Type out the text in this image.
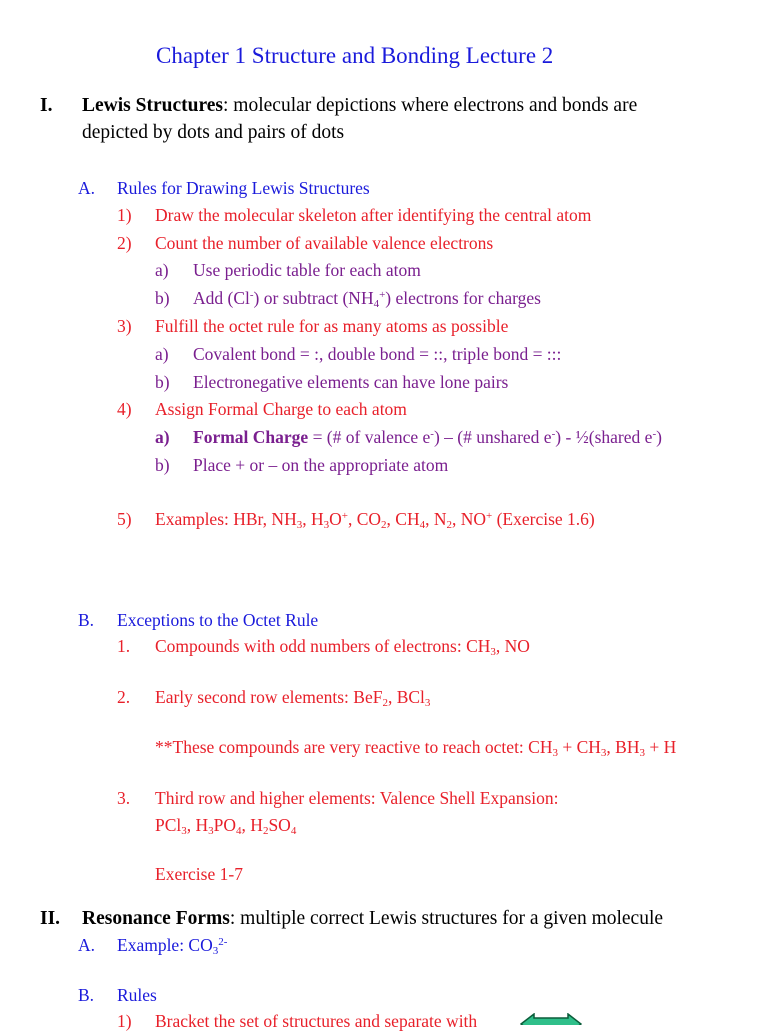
Chapter 1 Structure and Bonding Lecture 2
I. Lewis Structures: molecular depictions where electrons and bonds are
depicted by dots and pairs of dots
A. Rules for Drawing Lewis Structures
1) Draw the molecular skeleton after identifying the central atom
2) Count the number of available valence electrons
a) Use periodic table for each atom
b) Add (Cl-) or subtract $(NH_4^+)$ electrons for charges
3) Fulfill the octet rule for as many atoms as possible
a) Covalent bond = :, double bond = ::, triple bond = :::
b) Electronegative elements can have lone pairs
4) Assign Formal Charge to each atom
a) Formal Charge = (# of valence e-) – (# unshared e-) - ½(shared e-)
b) Place + or – on the appropriate atom
5) Examples: HBr, $NH_3$, $H_3O^+$, $CO_2$, $CH_4$, $N_2$, NO+ (Exercise 1.6)
B. Exceptions to the Octet Rule
1. Compounds with odd numbers of electrons: $CH_3$, NO
2. Early second row elements: BeF$_2$, BCl$_3$
**These compounds are very reactive to reach octet: $CH_3 + CH_3$, $BH_3 + H$
3. Third row and higher elements: Valence Shell Expansion:
PCl$_3$, $H_3PO_4$, $H_2SO_4$
Exercise 1-7
II. Resonance Forms: multiple correct Lewis structures for a given molecule
A. Example: $CO_3^{2-}$
B. Rules
1) Bracket the set of structures and separate with
